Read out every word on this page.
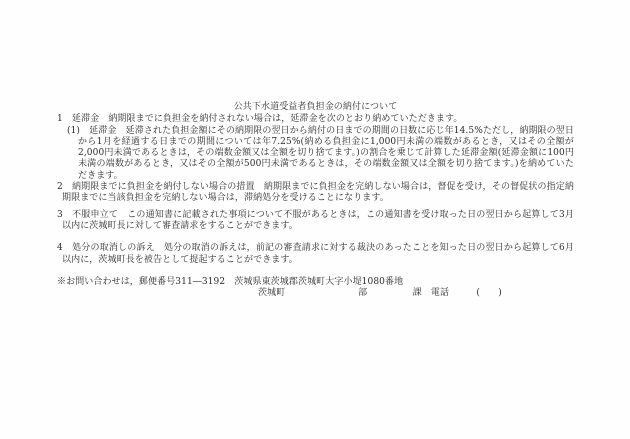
公共下水道受益者負担金の納付について

1　延滞金　納期限までに負担金を納付されない場合は，延滞金を次のとおり納めていただきます。

(1)　延滞金　延滞された負担金額にその納期限の翌日から納付の日までの期間の日数に応じ年14.5%ただし，納期限の翌日から1月を経過する日までの期間については年7.25%(納める負担金に1,000円未満の端数があるとき，又はその全額が2,000円未満であるときは，その端数金額又は全額を切り捨てます。)の割合を乗じて計算した延滞金額(延滞金額に100円未満の端数があるとき，又はその全額が500円未満であるときは，その端数金額又は全額を切り捨てます。)を納めていただきます。

2　納期限までに負担金を納付しない場合の措置　納期限までに負担金を完納しない場合は，督促を受け，その督促状の指定納期限までに当該負担金を完納しない場合は，滞納処分を受けることになります。

3　不服申立て　この通知書に記載された事項について不服があるときは，この通知書を受け取った日の翌日から起算して3月以内に茨城町長に対して審査請求をすることができます。

4　処分の取消しの訴え　処分の取消の訴えは，前記の審査請求に対する裁決のあったことを知った日の翌日から起算して6月以内に，茨城町長を被告として提起することができます。

※お問い合わせは，郵便番号311―3192　茨城県東茨城郡茨城町大字小堤1080番地

茨城町　　　　　　　　部　　　　　課　電話　　　(　　)
